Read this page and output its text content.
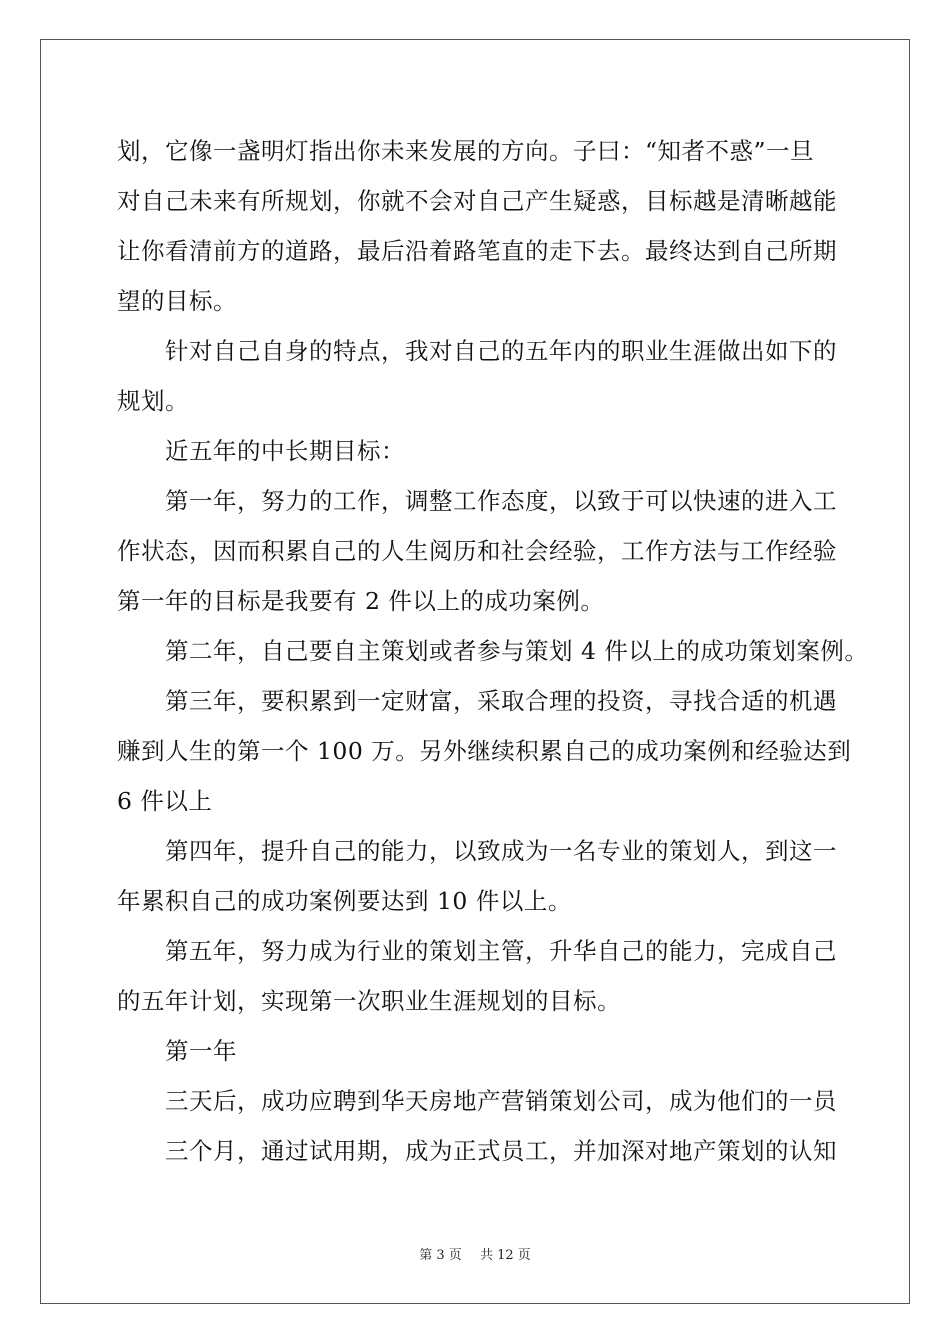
划，它像一盏明灯指出你未来发展的方向。子曰：“知者不惑”一旦
对自己未来有所规划，你就不会对自己产生疑惑，目标越是清晰越能
让你看清前方的道路，最后沿着路笔直的走下去。最终达到自己所期
望的目标。
针对自己自身的特点，我对自己的五年内的职业生涯做出如下的
规划。
近五年的中长期目标：
第一年，努力的工作，调整工作态度，以致于可以快速的进入工
作状态，因而积累自己的人生阅历和社会经验，工作方法与工作经验
第一年的目标是我要有 2 件以上的成功案例。
第二年，自己要自主策划或者参与策划 4 件以上的成功策划案例。
第三年，要积累到一定财富，采取合理的投资，寻找合适的机遇
赚到人生的第一个 100 万。另外继续积累自己的成功案例和经验达到
6 件以上
第四年，提升自己的能力，以致成为一名专业的策划人，到这一
年累积自己的成功案例要达到 10 件以上。
第五年，努力成为行业的策划主管，升华自己的能力，完成自己
的五年计划，实现第一次职业生涯规划的目标。
第一年
三天后，成功应聘到华天房地产营销策划公司，成为他们的一员
三个月，通过试用期，成为正式员工，并加深对地产策划的认知
第 3 页 共 12 页
